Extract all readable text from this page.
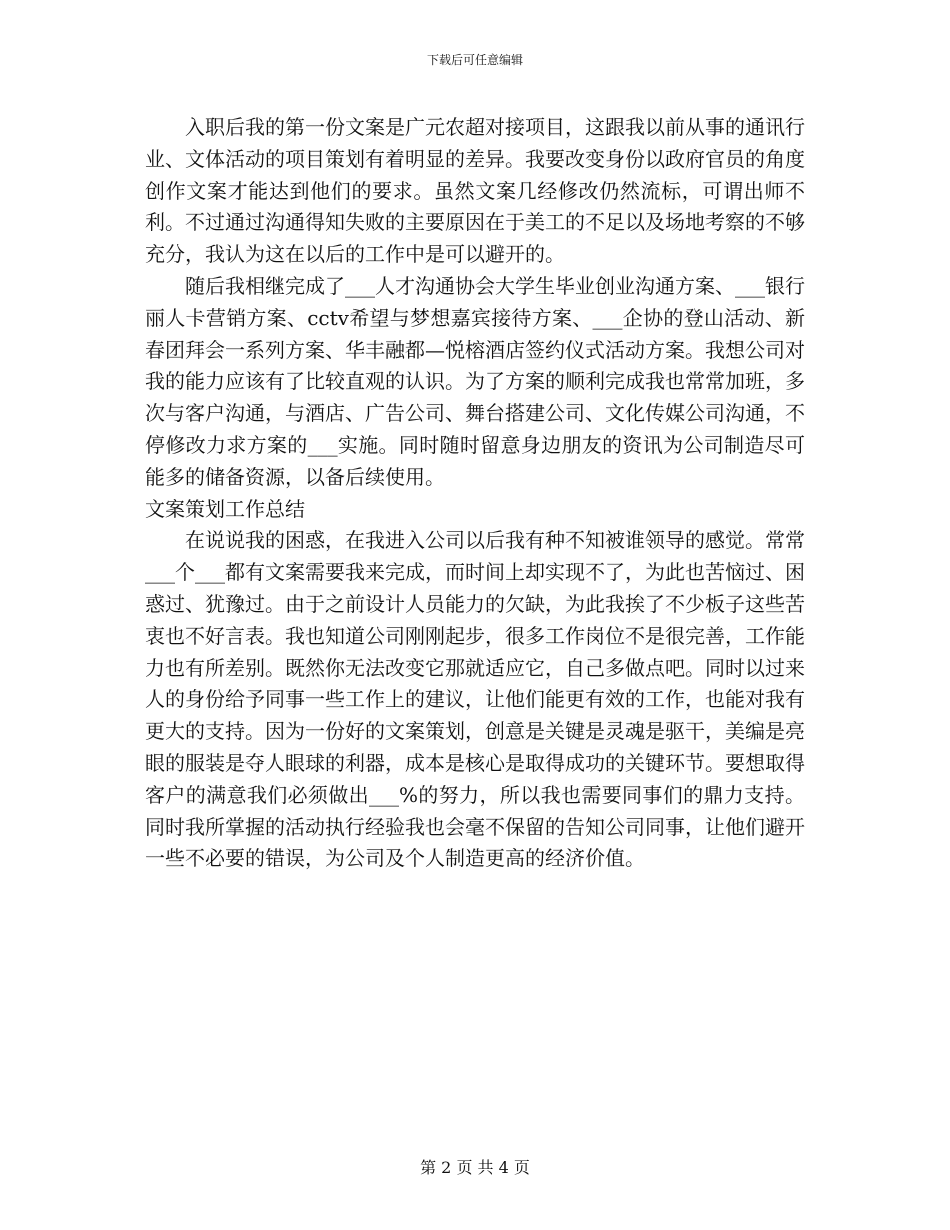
下载后可任意编辑

入职后我的第一份文案是广元农超对接项目，这跟我以前从事的通讯行业、文体活动的项目策划有着明显的差异。我要改变身份以政府官员的角度创作文案才能达到他们的要求。虽然文案几经修改仍然流标，可谓出师不利。不过通过沟通得知失败的主要原因在于美工的不足以及场地考察的不够充分，我认为这在以后的工作中是可以避开的。

随后我相继完成了___人才沟通协会大学生毕业创业沟通方案、___银行丽人卡营销方案、cctv希望与梦想嘉宾接待方案、___企协的登山活动、新春团拜会一系列方案、华丰融都—悦榕酒店签约仪式活动方案。我想公司对我的能力应该有了比较直观的认识。为了方案的顺利完成我也常常加班，多次与客户沟通，与酒店、广告公司、舞台搭建公司、文化传媒公司沟通，不停修改力求方案的___实施。同时随时留意身边朋友的资讯为公司制造尽可能多的储备资源，以备后续使用。

文案策划工作总结

在说说我的困惑，在我进入公司以后我有种不知被谁领导的感觉。常常___个___都有文案需要我来完成，而时间上却实现不了，为此也苦恼过、困惑过、犹豫过。由于之前设计人员能力的欠缺，为此我挨了不少板子这些苦衷也不好言表。我也知道公司刚刚起步，很多工作岗位不是很完善，工作能力也有所差别。既然你无法改变它那就适应它，自己多做点吧。同时以过来人的身份给予同事一些工作上的建议，让他们能更有效的工作，也能对我有更大的支持。因为一份好的文案策划，创意是关键是灵魂是驱干，美编是亮眼的服装是夺人眼球的利器，成本是核心是取得成功的关键环节。要想取得客户的满意我们必须做出___%的努力，所以我也需要同事们的鼎力支持。同时我所掌握的活动执行经验我也会毫不保留的告知公司同事，让他们避开一些不必要的错误，为公司及个人制造更高的经济价值。

第 2 页 共 4 页
